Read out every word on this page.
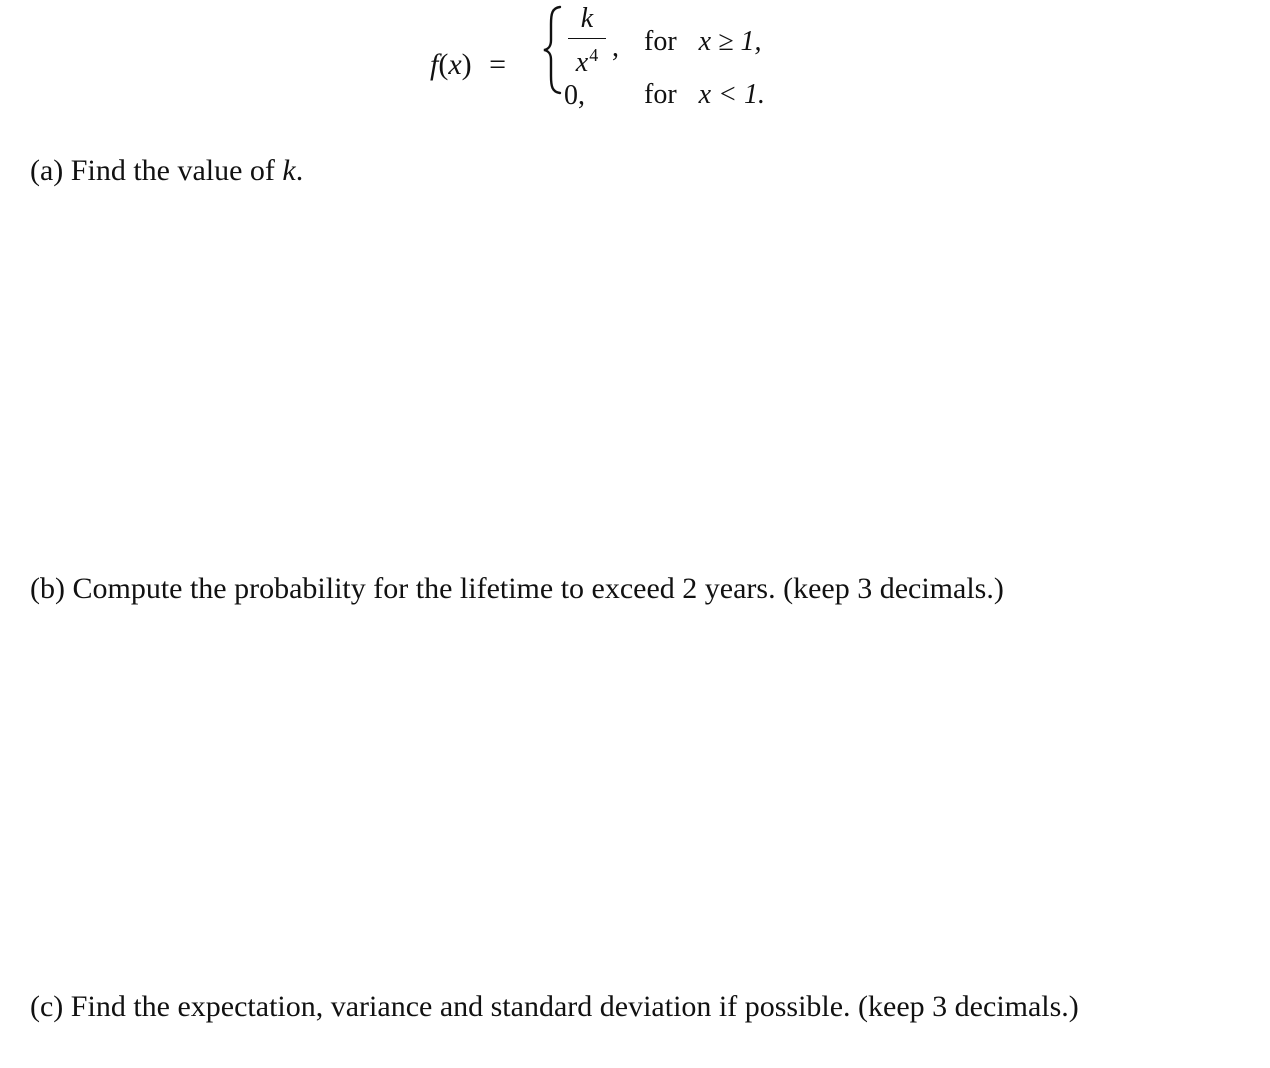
f(x) =
k
$x^4$ ,
0,
for x ≥ 1,
for x < 1.
(a) Find the value of k.
(b) Compute the probability for the lifetime to exceed 2 years. (keep 3 decimals.)
(c) Find the expectation, variance and standard deviation if possible. (keep 3 decimals.)
